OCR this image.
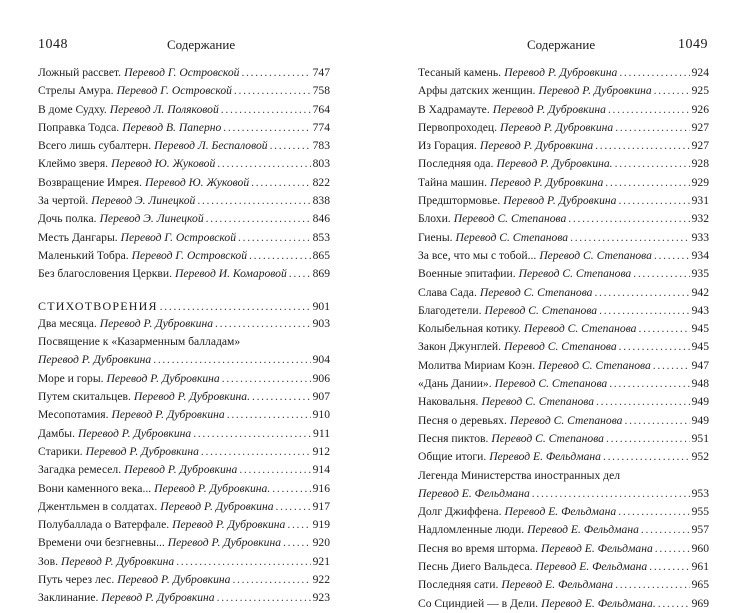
1048	Содержание
Ложный рассвет. Перевод Г. Островской . . .	747
Стрелы Амура. Перевод Г. Островской . . .	758
В доме Судху. Перевод Л. Поляковой . . .	764
Поправка Тодса. Перевод В. Паперно . . .	774
Всего лишь субалтерн. Перевод Л. Беспаловой . . .	783
Клеймо зверя. Перевод Ю. Жуковой . . .	803
Возвращение Имрея. Перевод Ю. Жуковой . . .	822
За чертой. Перевод Э. Линецкой . . .	838
Дочь полка. Перевод Э. Линецкой . . .	846
Месть Дангары. Перевод Г. Островской . . .	853
Маленький Тобра. Перевод Г. Островской . . .	865
Без благословения Церкви. Перевод И. Комаровой . . . 869
СТИХОТВОРЕНИЯ . . .	901
Два месяца. Перевод Р. Дубровкина . . .	903
Посвящение к «Казарменным балладам»
Перевод Р. Дубровкина . . .	904
Море и горы. Перевод Р. Дубровкина . . .	906
Путем скитальцев. Перевод Р. Дубровкина. . . .	907
Месопотамия. Перевод Р. Дубровкина . . .	910
Дамбы. Перевод Р. Дубровкина . . .	911
Старики. Перевод Р. Дубровкина . . .	912
Загадка ремесел. Перевод Р. Дубровкина . . .	914
Вони каменного века... Перевод Р. Дубровкина. . . .	916
Джентльмен в солдатах. Перевод Р. Дубровкина . . .	917
Полубаллада о Ватерфале. Перевод Р. Дубровкина . . . 919
Времени очи безгневны... Перевод Р. Дубровкина . . .	920
Зов. Перевод Р. Дубровкина . . .	921
Путь через лес. Перевод Р. Дубровкина . . .	922
Заклинание. Перевод Р. Дубровкина . . .	923
Содержание	1049
Тесаный камень. Перевод Р. Дубровкина . . .	924
Арфы датских женщин. Перевод Р. Дубровкина . . .	925
В Хадрамауте. Перевод Р. Дубровкина . . .	926
Первопроходец. Перевод Р. Дубровкина . . .	927
Из Горация. Перевод Р. Дубровкина . . .	927
Последняя ода. Перевод Р. Дубровкина. . . .	928
Тайна машин. Перевод Р. Дубровкина . . .	929
Предштормовье. Перевод Р. Дубровкина . . .	931
Блохи. Перевод С. Степанова . . .	932
Гиены. Перевод С. Степанова . . .	933
За все, что мы с тобой... Перевод С. Степанова . . .	934
Военные эпитафии. Перевод С. Степанова . . .	935
Слава Сада. Перевод С. Степанова . . .	942
Благодетели. Перевод С. Степанова . . .	943
Колыбельная котику. Перевод С. Степанова . . .	945
Закон Джунглей. Перевод С. Степанова . . .	945
Молитва Мириам Коэн. Перевод С. Степанова . . .	947
«Дань Дании». Перевод С. Степанова . . .	948
Наковальня. Перевод С. Степанова . . .	949
Песня о деревьях. Перевод С. Степанова . . .	949
Песня пиктов. Перевод С. Степанова . . .	951
Общие итоги. Перевод Е. Фельдмана . . .	952
Легенда Министерства иностранных дел
Перевод Е. Фельдмана . . .	953
Долг Джиффена. Перевод Е. Фельдмана . . .	955
Надломленные люди. Перевод Е. Фельдмана . . .	957
Песня во время шторма. Перевод Е. Фельдмана . . .	960
Песнь Диего Вальдеса. Перевод Е. Фельдмана . . .	961
Последняя сати. Перевод Е. Фельдмана . . .	965
Со Сциндией — в Дели. Перевод Е. Фельдмана. . . .	969
